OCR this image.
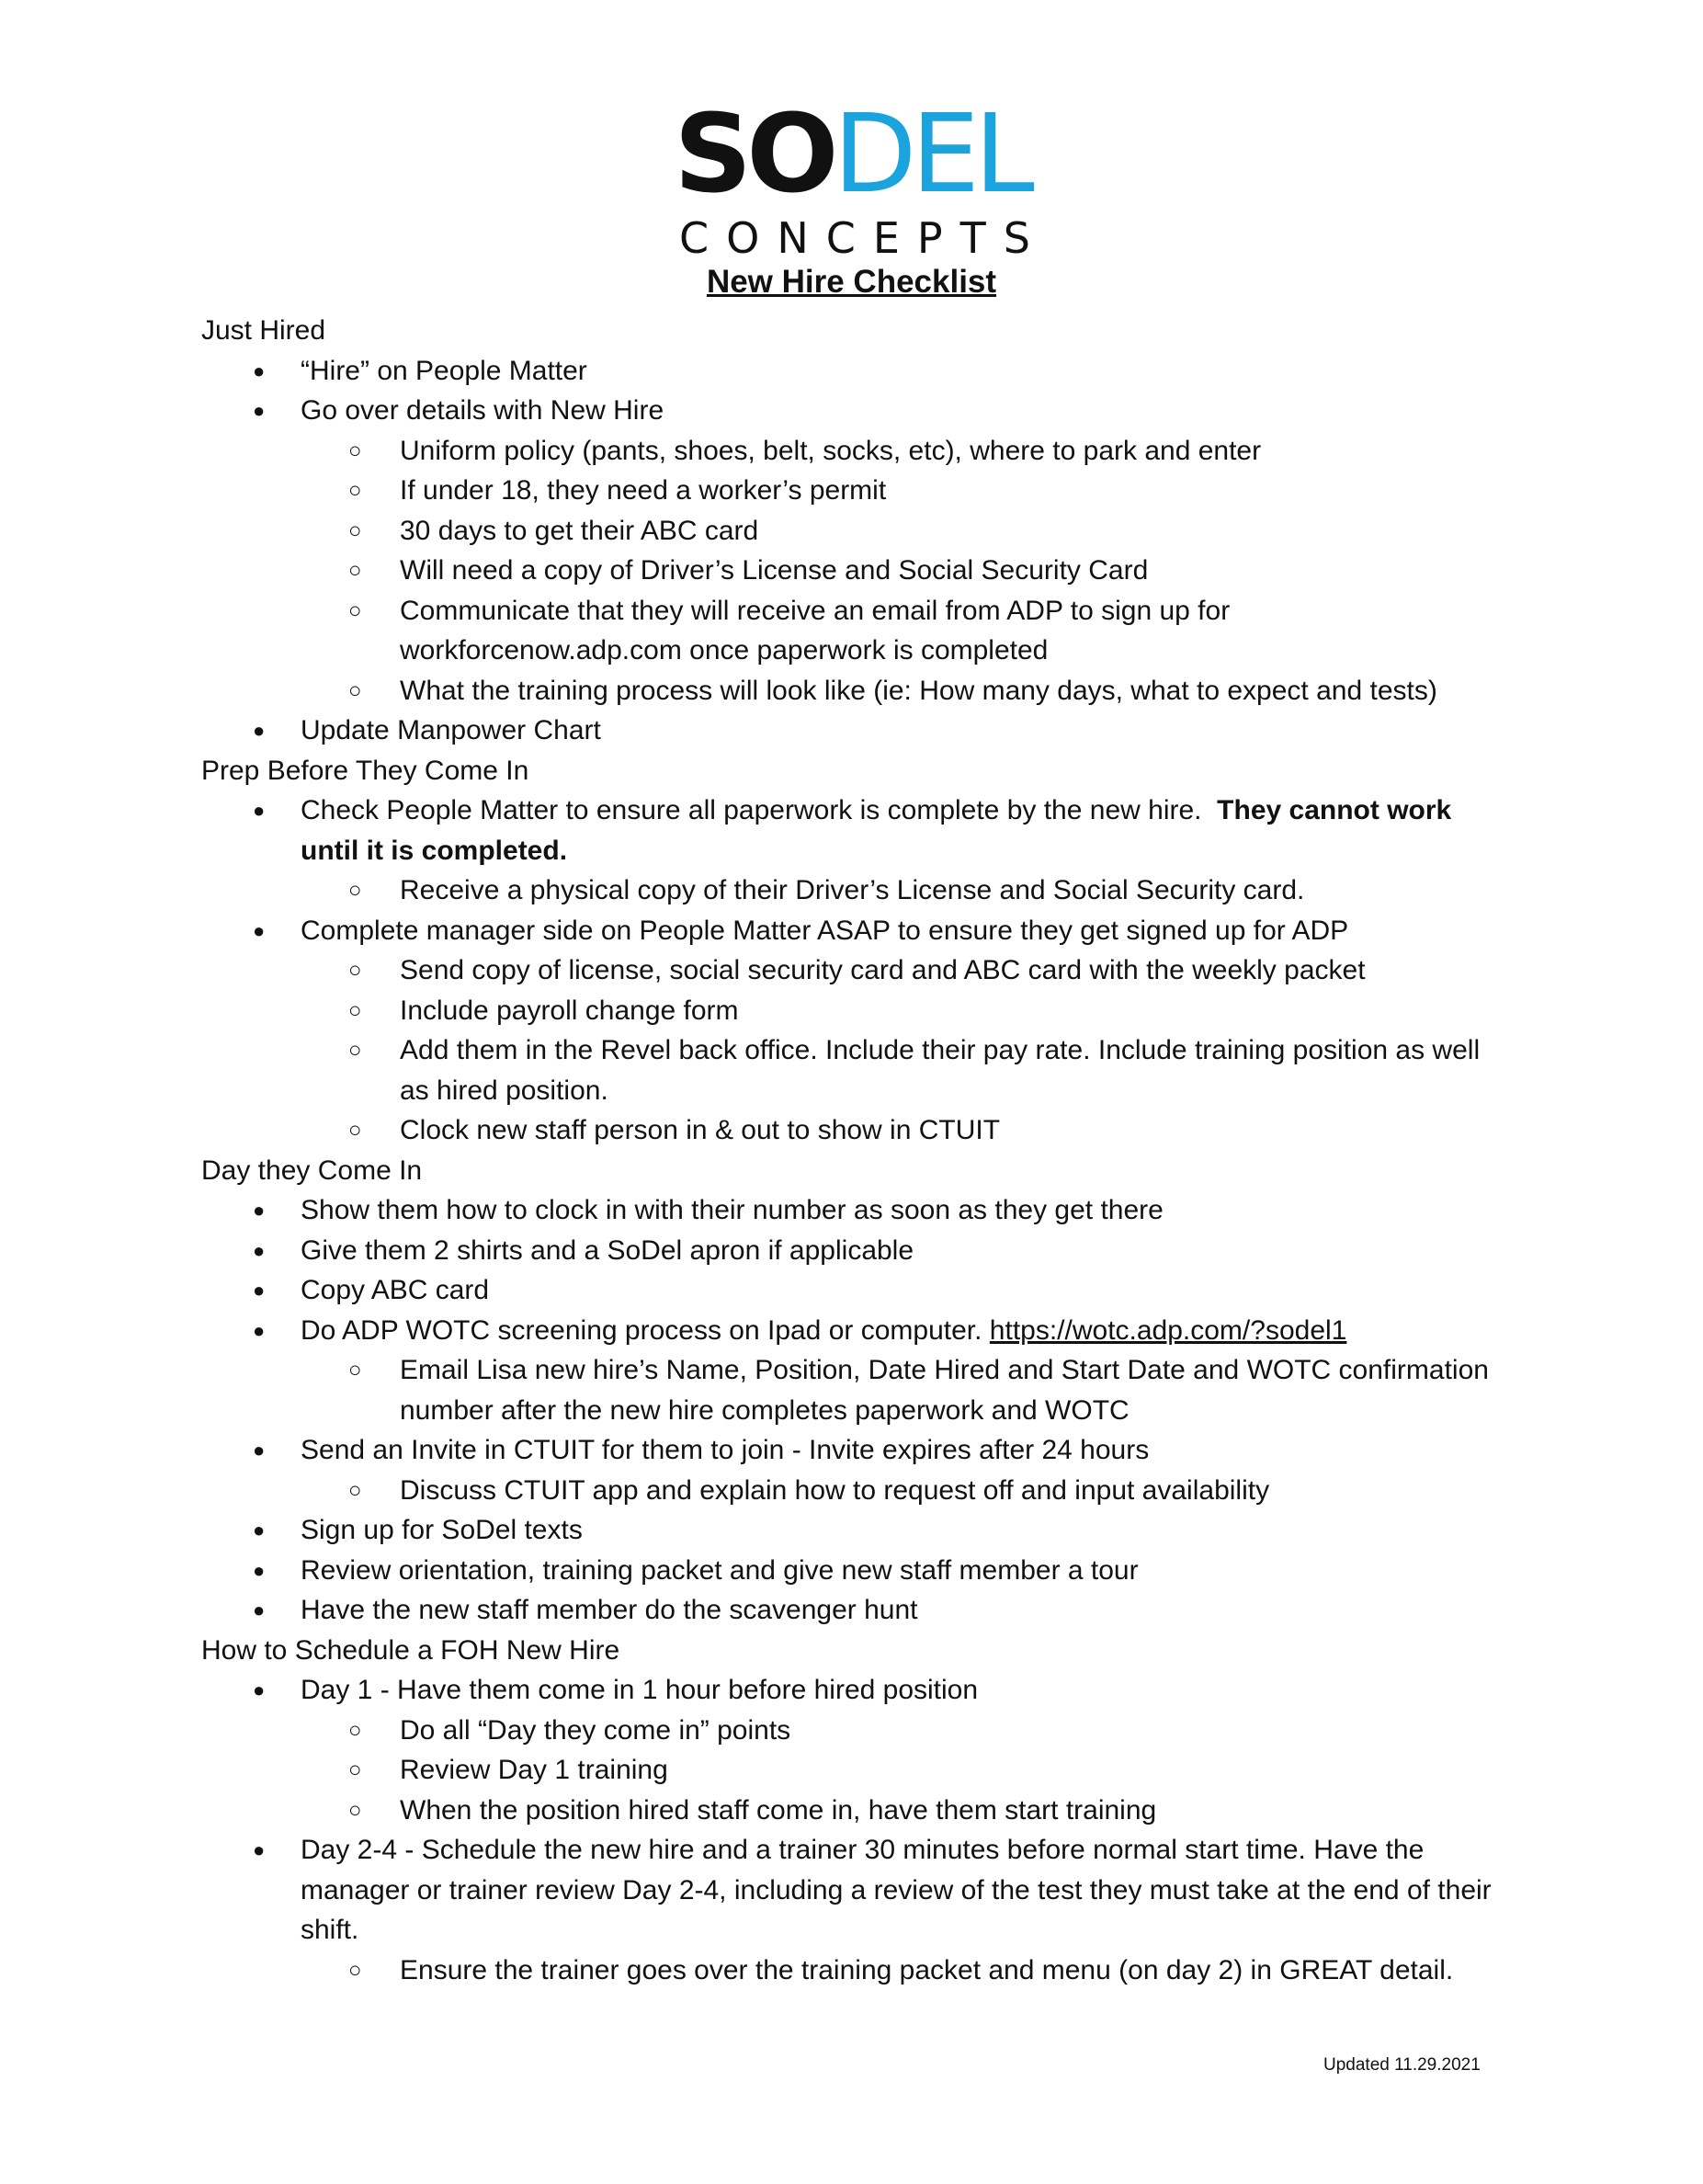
SODEL
CONCEPTS
New Hire Checklist
Just Hired
● “Hire” on People Matter
● Go over details with New Hire
○ Uniform policy (pants, shoes, belt, socks, etc), where to park and enter
○ If under 18, they need a worker’s permit
○ 30 days to get their ABC card
○ Will need a copy of Driver’s License and Social Security Card
○ Communicate that they will receive an email from ADP to sign up for workforcenow.adp.com once paperwork is completed
○ What the training process will look like (ie: How many days, what to expect and tests)
● Update Manpower Chart
Prep Before They Come In
● Check People Matter to ensure all paperwork is complete by the new hire. They cannot work until it is completed.
○ Receive a physical copy of their Driver’s License and Social Security card.
● Complete manager side on People Matter ASAP to ensure they get signed up for ADP
○ Send copy of license, social security card and ABC card with the weekly packet
○ Include payroll change form
○ Add them in the Revel back office. Include their pay rate. Include training position as well as hired position.
○ Clock new staff person in & out to show in CTUIT
Day they Come In
● Show them how to clock in with their number as soon as they get there
● Give them 2 shirts and a SoDel apron if applicable
● Copy ABC card
● Do ADP WOTC screening process on Ipad or computer. https://wotc.adp.com/?sodel1
○ Email Lisa new hire’s Name, Position, Date Hired and Start Date and WOTC confirmation number after the new hire completes paperwork and WOTC
● Send an Invite in CTUIT for them to join - Invite expires after 24 hours
○ Discuss CTUIT app and explain how to request off and input availability
● Sign up for SoDel texts
● Review orientation, training packet and give new staff member a tour
● Have the new staff member do the scavenger hunt
How to Schedule a FOH New Hire
● Day 1 - Have them come in 1 hour before hired position
○ Do all “Day they come in” points
○ Review Day 1 training
○ When the position hired staff come in, have them start training
● Day 2-4 - Schedule the new hire and a trainer 30 minutes before normal start time. Have the manager or trainer review Day 2-4, including a review of the test they must take at the end of their shift.
○ Ensure the trainer goes over the training packet and menu (on day 2) in GREAT detail.
Updated 11.29.2021
